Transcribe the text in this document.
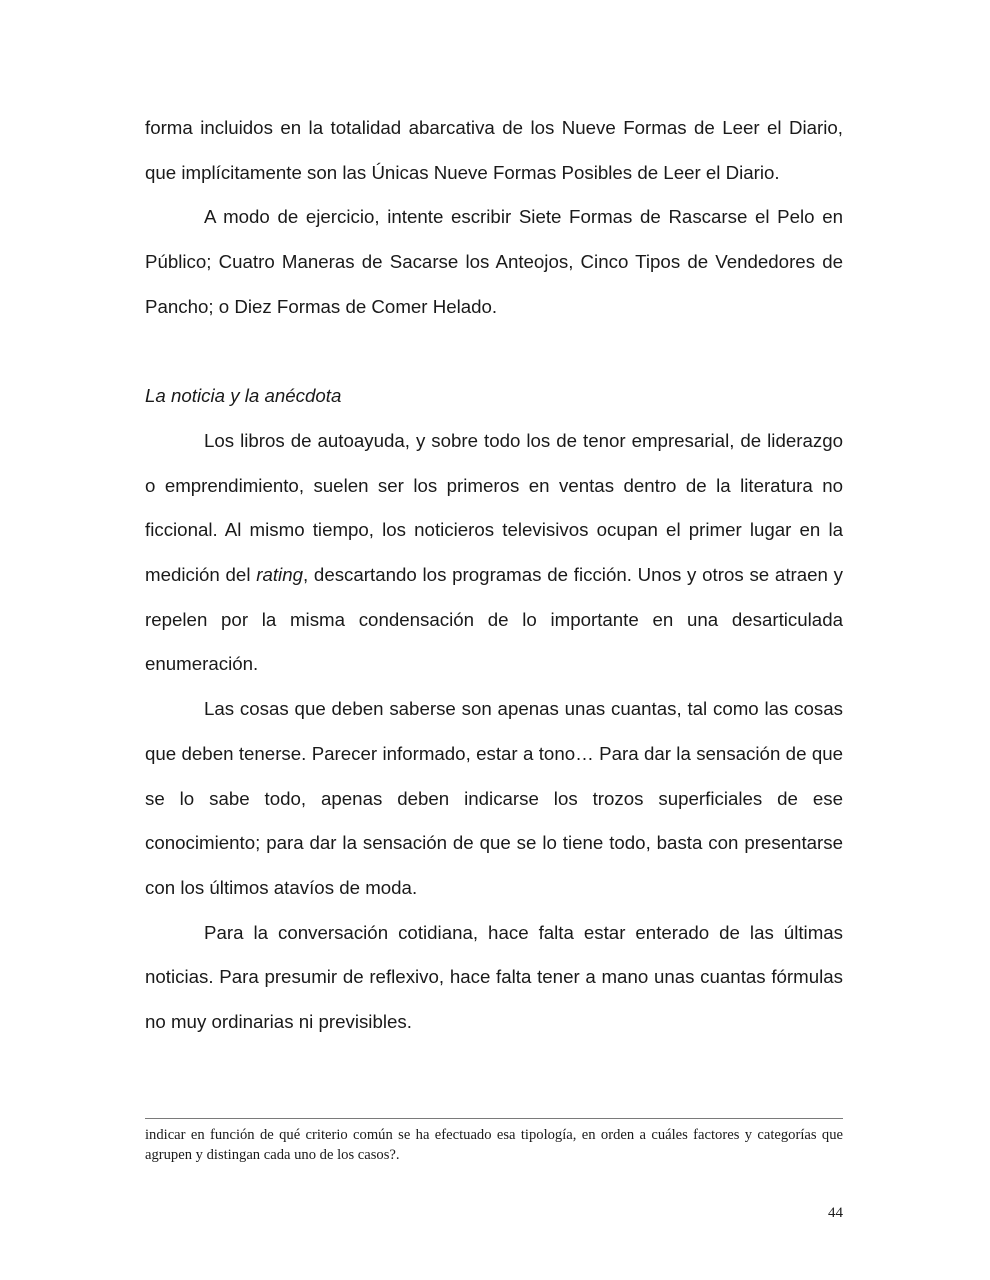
forma incluidos en la totalidad abarcativa de los Nueve Formas de Leer el Diario, que implícitamente son las Únicas Nueve Formas Posibles de Leer el Diario.

A modo de ejercicio, intente escribir Siete Formas de Rascarse el Pelo en Público; Cuatro Maneras de Sacarse los Anteojos, Cinco Tipos de Vendedores de Pancho; o Diez Formas de Comer Helado.

La noticia y la anécdota

Los libros de autoayuda, y sobre todo los de tenor empresarial, de liderazgo o emprendimiento, suelen ser los primeros en ventas dentro de la literatura no ficcional. Al mismo tiempo, los noticieros televisivos ocupan el primer lugar en la medición del rating, descartando los programas de ficción. Unos y otros se atraen y repelen por la misma condensación de lo importante en una desarticulada enumeración.

Las cosas que deben saberse son apenas unas cuantas, tal como las cosas que deben tenerse. Parecer informado, estar a tono… Para dar la sensación de que se lo sabe todo, apenas deben indicarse los trozos superficiales de ese conocimiento; para dar la sensación de que se lo tiene todo, basta con presentarse con los últimos atavíos de moda.

Para la conversación cotidiana, hace falta estar enterado de las últimas noticias. Para presumir de reflexivo, hace falta tener a mano unas cuantas fórmulas no muy ordinarias ni previsibles.

indicar en función de qué criterio común se ha efectuado esa tipología, en orden a cuáles factores y categorías que agrupen y distingan cada uno de los casos?.

44
